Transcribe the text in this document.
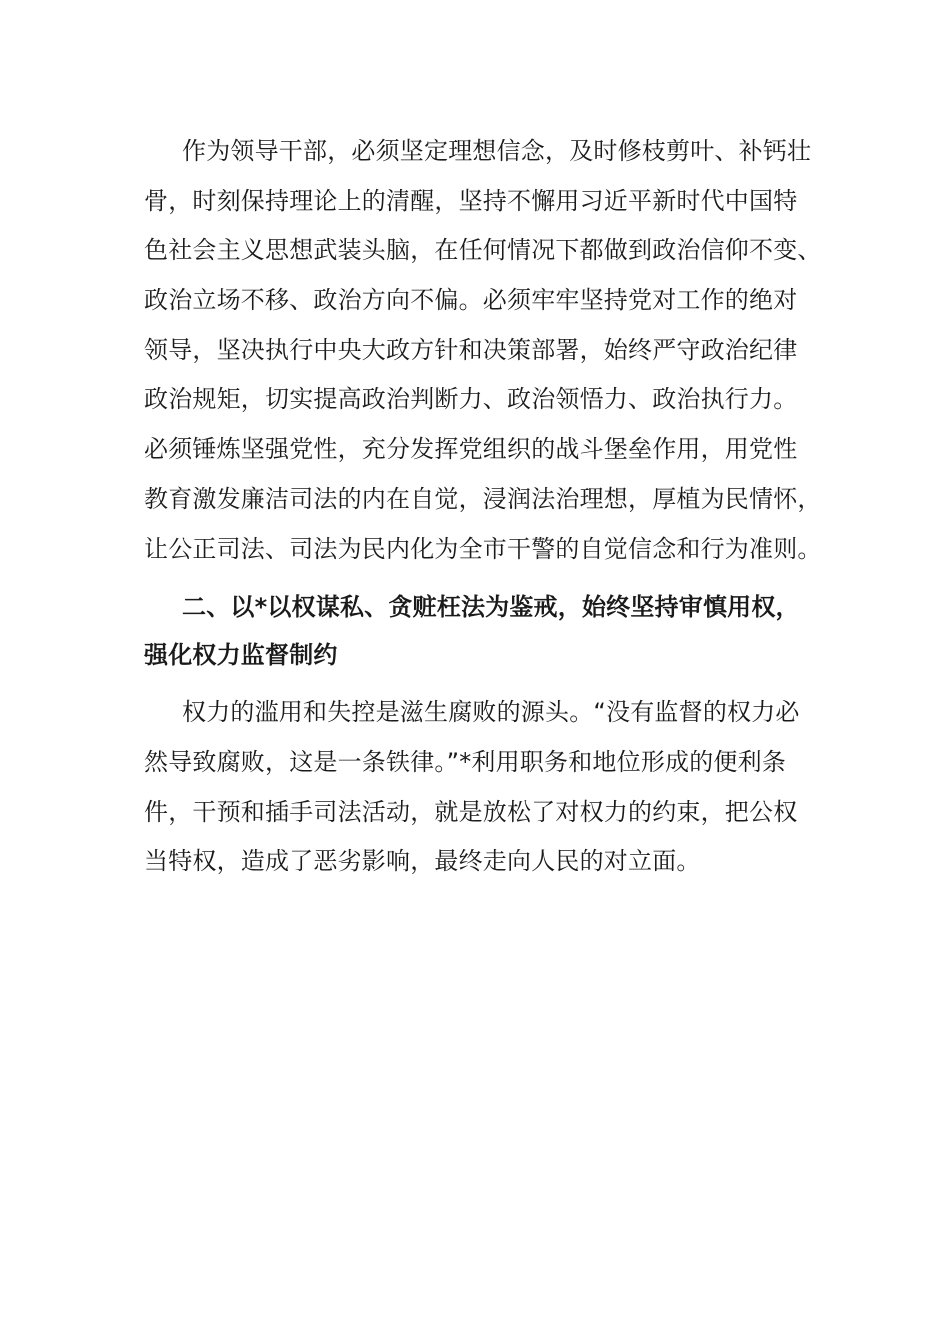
作为领导干部，必须坚定理想信念，及时修枝剪叶、补钙壮
骨，时刻保持理论上的清醒，坚持不懈用习近平新时代中国特
色社会主义思想武装头脑，在任何情况下都做到政治信仰不变、
政治立场不移、政治方向不偏。必须牢牢坚持党对工作的绝对
领导，坚决执行中央大政方针和决策部署，始终严守政治纪律
政治规矩，切实提高政治判断力、政治领悟力、政治执行力。
必须锤炼坚强党性，充分发挥党组织的战斗堡垒作用，用党性
教育激发廉洁司法的内在自觉，浸润法治理想，厚植为民情怀，
让公正司法、司法为民内化为全市干警的自觉信念和行为准则。
二、以*以权谋私、贪赃枉法为鉴戒，始终坚持审慎用权，
强化权力监督制约
权力的滥用和失控是滋生腐败的源头。“没有监督的权力必
然导致腐败，这是一条铁律。”*利用职务和地位形成的便利条
件，干预和插手司法活动，就是放松了对权力的约束，把公权
当特权，造成了恶劣影响，最终走向人民的对立面。
